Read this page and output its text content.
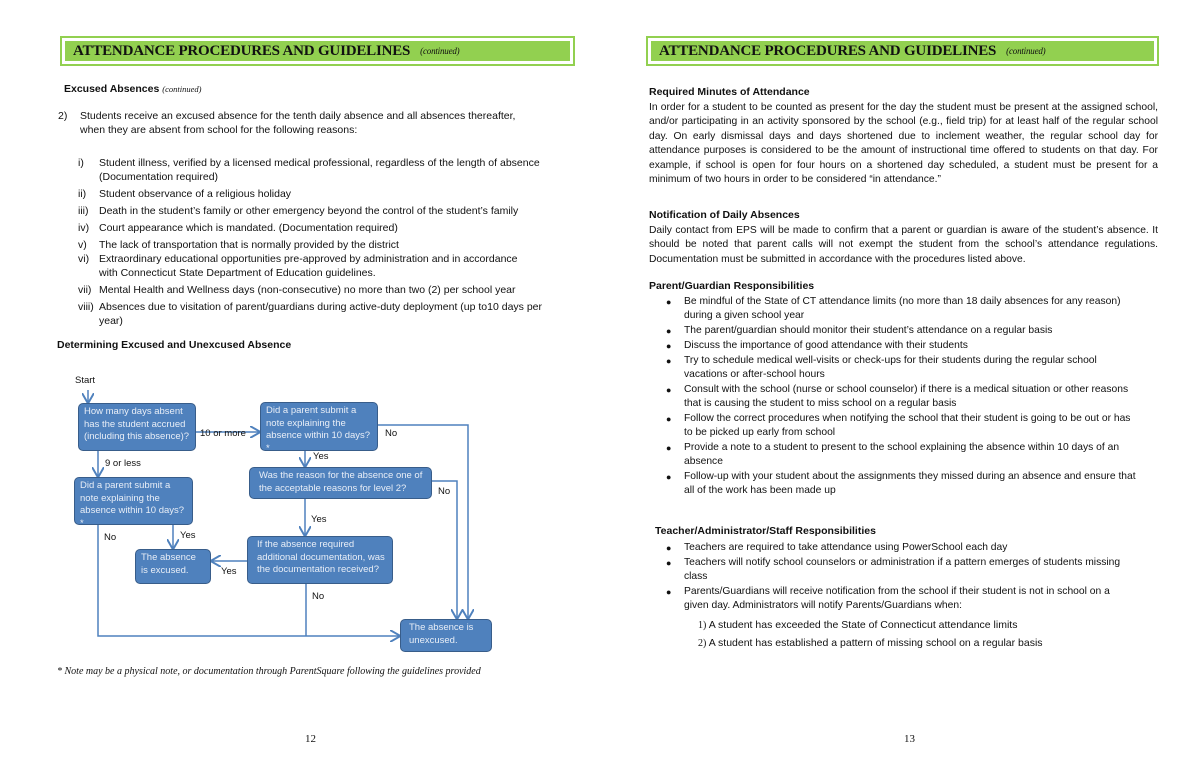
ATTENDANCE PROCEDURES AND GUIDELINES (continued)
Excused Absences (continued)
2)	Students receive an excused absence for the tenth daily absence and all absences thereafter, when they are absent from school for the following reasons:
i)	Student illness, verified by a licensed medical professional, regardless of the length of absence (Documentation required)
ii)	Student observance of a religious holiday
iii)	Death in the student’s family or other emergency beyond the control of the student’s family
iv) Court appearance which is mandated. (Documentation required)
v)	The lack of transportation that is normally provided by the district
vi) Extraordinary educational opportunities pre-approved by administration and in accordance with Connecticut State Department of Education guidelines.
vii) Mental Health and Wellness days (non-consecutive) no more than two (2) per school year
viii) Absences due to visitation of parent/guardians during active-duty deployment (up to10 days per year)
Determining Excused and Unexcused Absence
Start
How many days absent has the student accrued (including this absence)?
Did a parent submit a note explaining the absence within 10 days? *
Was the reason for the absence one of the acceptable reasons for level 2?
Did a parent submit a note explaining the absence within 10 days? *
The absence is excused.
If the absence required additional documentation, was the documentation received?
The absence is unexcused.
10 or more
9 or less
No
Yes
No
Yes
Yes
No
Yes
No
* Note may be a physical note, or documentation through ParentSquare following the guidelines provided
12
ATTENDANCE PROCEDURES AND GUIDELINES (continued)
Required Minutes of Attendance
In order for a student to be counted as present for the day the student must be present at the assigned school, and/or participating in an activity sponsored by the school (e.g., field trip) for at least half of the regular school day. On early dismissal days and days shortened due to inclement weather, the regular school day for attendance purposes is considered to be the amount of instructional time offered to students on that day. For example, if school is open for four hours on a shortened day scheduled, a student must be present for a minimum of two hours in order to be considered “in attendance.”
Notification of Daily Absences
Daily contact from EPS will be made to confirm that a parent or guardian is aware of the student’s absence. It should be noted that parent calls will not exempt the student from the school’s attendance regulations. Documentation must be submitted in accordance with the procedures listed above.
Parent/Guardian Responsibilities
● Be mindful of the State of CT attendance limits (no more than 18 daily absences for any reason) during a given school year
● The parent/guardian should monitor their student’s attendance on a regular basis
● Discuss the importance of good attendance with their students
● Try to schedule medical well-visits or check-ups for their students during the regular school vacations or after-school hours
● Consult with the school (nurse or school counselor) if there is a medical situation or other reasons that is causing the student to miss school on a regular basis
● Follow the correct procedures when notifying the school that their student is going to be out or has to be picked up early from school
● Provide a note to a student to present to the school explaining the absence within 10 days of an absence
● Follow-up with your student about the assignments they missed during an absence and ensure that all of the work has been made up
Teacher/Administrator/Staff Responsibilities
● Teachers are required to take attendance using PowerSchool each day
● Teachers will notify school counselors or administration if a pattern emerges of students missing class
● Parents/Guardians will receive notification from the school if their student is not in school on a given day. Administrators will notify Parents/Guardians when:
1) A student has exceeded the State of Connecticut attendance limits
2) A student has established a pattern of missing school on a regular basis
13
